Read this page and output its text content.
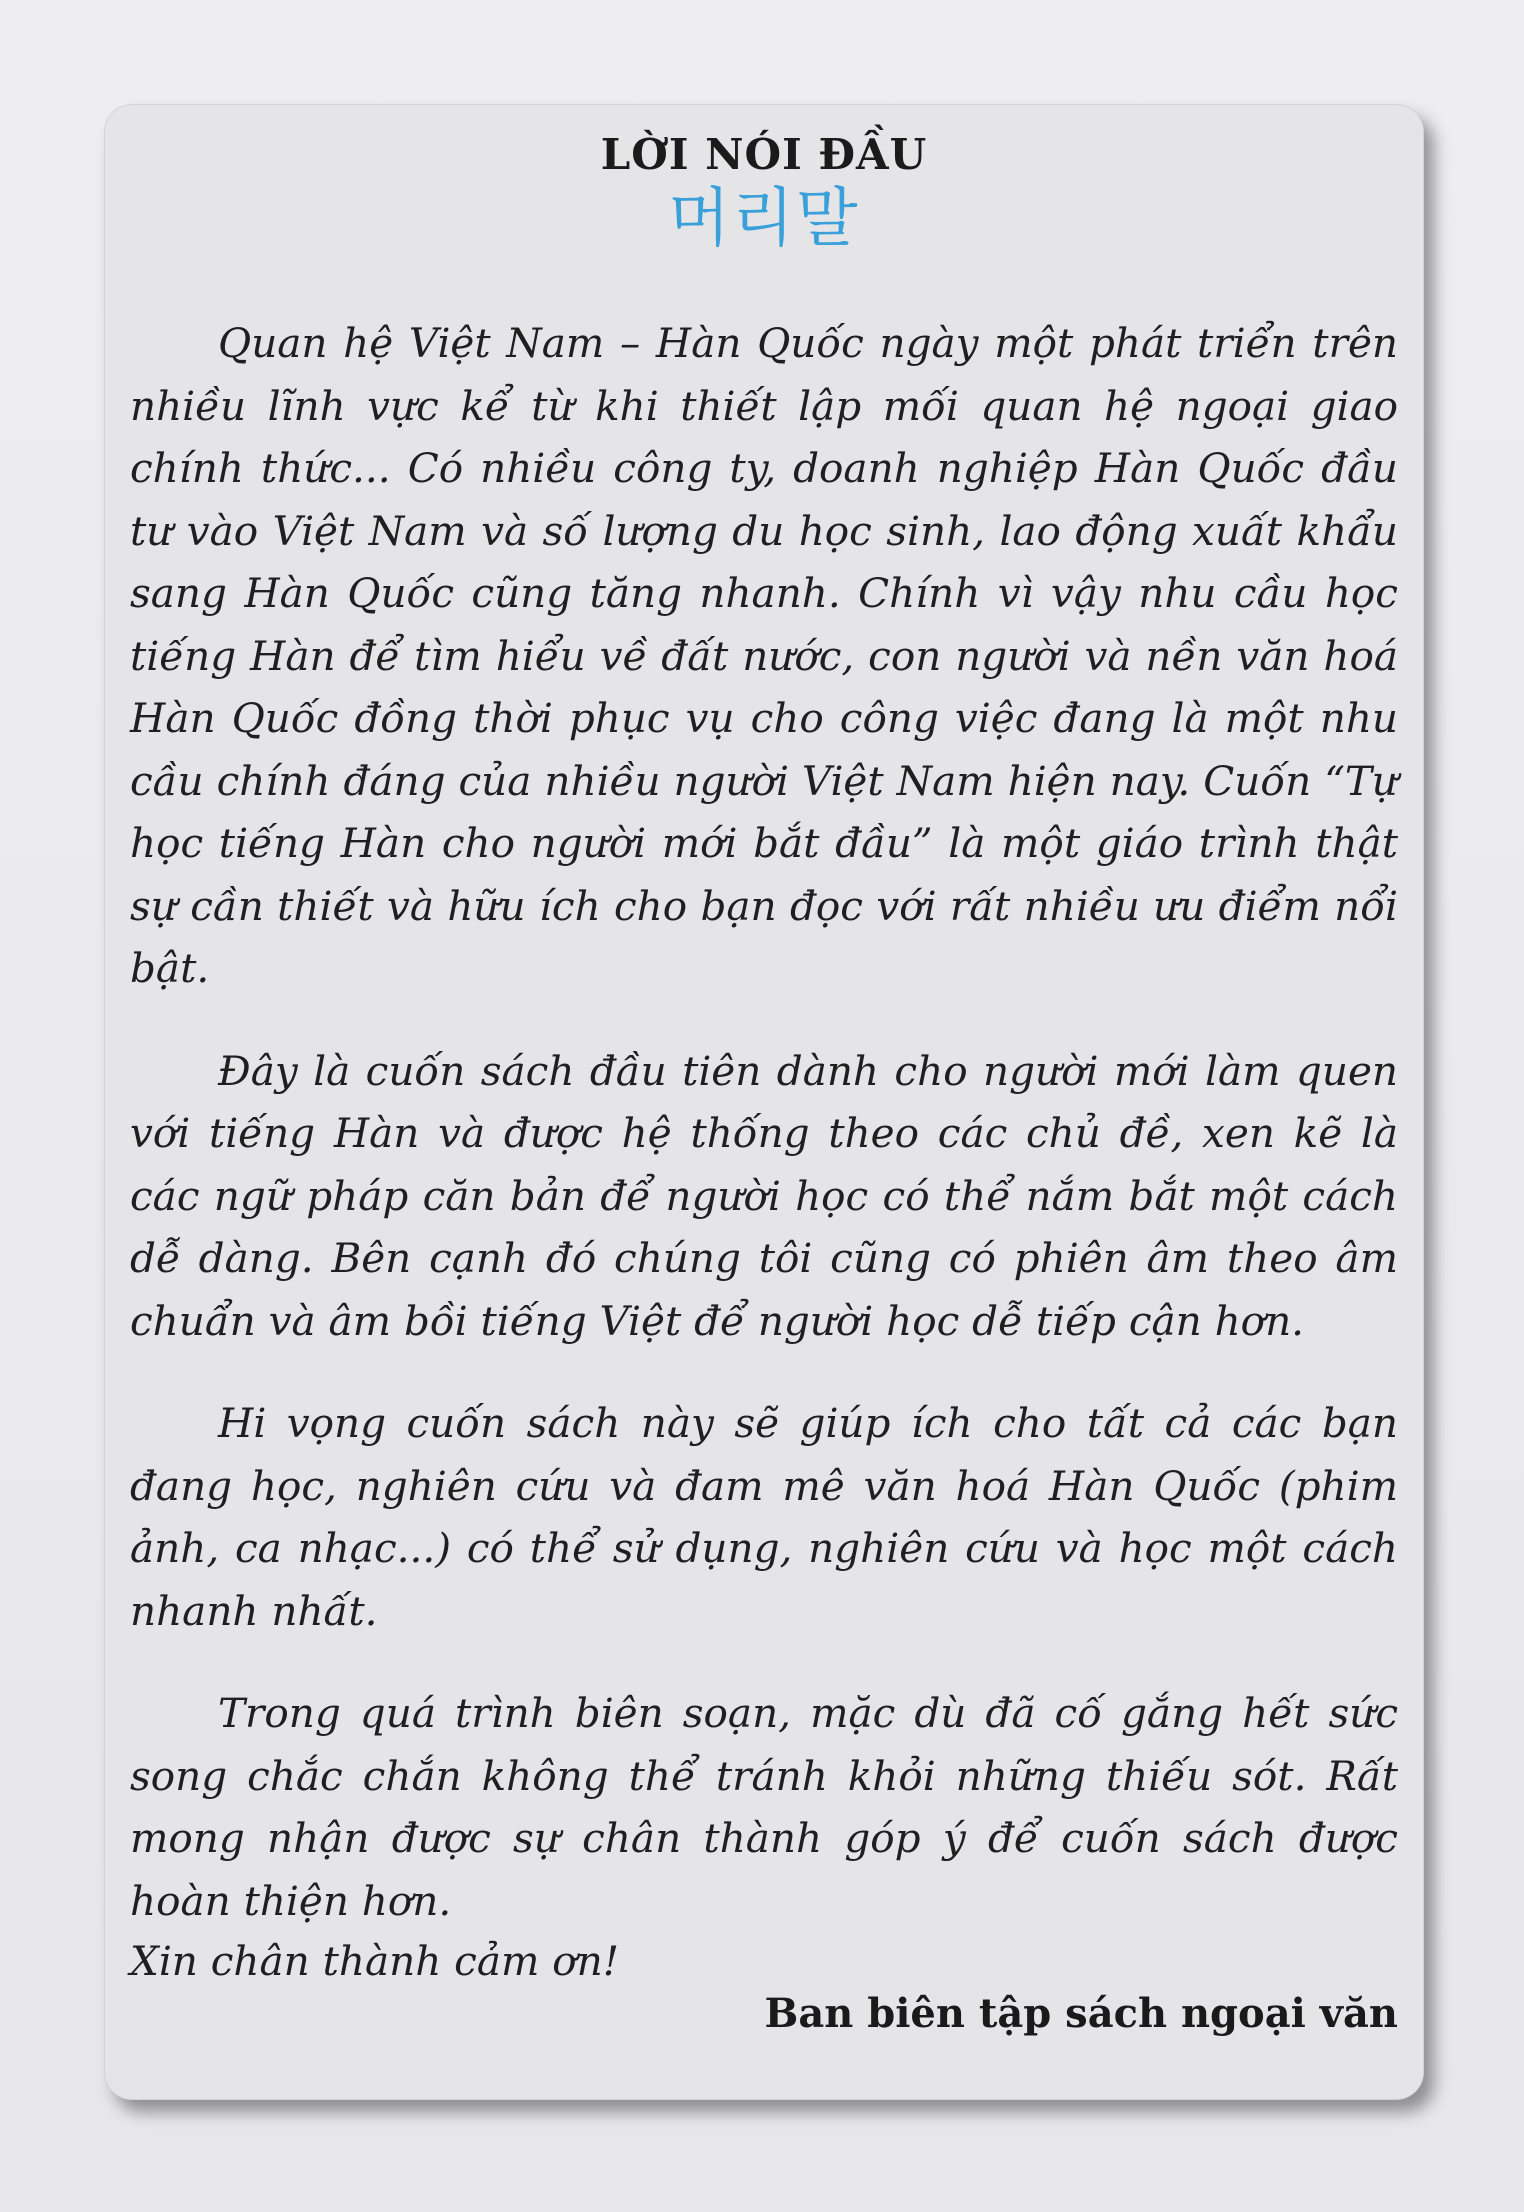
LỜI NÓI ĐẦU
머리말

Quan hệ Việt Nam – Hàn Quốc ngày một phát triển trên nhiều lĩnh vực kể từ khi thiết lập mối quan hệ ngoại giao chính thức... Có nhiều công ty, doanh nghiệp Hàn Quốc đầu tư vào Việt Nam và số lượng du học sinh, lao động xuất khẩu sang Hàn Quốc cũng tăng nhanh. Chính vì vậy nhu cầu học tiếng Hàn để tìm hiểu về đất nước, con người và nền văn hoá Hàn Quốc đồng thời phục vụ cho công việc đang là một nhu cầu chính đáng của nhiều người Việt Nam hiện nay. Cuốn “Tự học tiếng Hàn cho người mới bắt đầu” là một giáo trình thật sự cần thiết và hữu ích cho bạn đọc với rất nhiều ưu điểm nổi bật.

Đây là cuốn sách đầu tiên dành cho người mới làm quen với tiếng Hàn và được hệ thống theo các chủ đề, xen kẽ là các ngữ pháp căn bản để người học có thể nắm bắt một cách dễ dàng. Bên cạnh đó chúng tôi cũng có phiên âm theo âm chuẩn và âm bồi tiếng Việt để người học dễ tiếp cận hơn.

Hi vọng cuốn sách này sẽ giúp ích cho tất cả các bạn đang học, nghiên cứu và đam mê văn hoá Hàn Quốc (phim ảnh, ca nhạc...) có thể sử dụng, nghiên cứu và học một cách nhanh nhất.

Trong quá trình biên soạn, mặc dù đã cố gắng hết sức song chắc chắn không thể tránh khỏi những thiếu sót. Rất mong nhận được sự chân thành góp ý để cuốn sách được hoàn thiện hơn.

Xin chân thành cảm ơn!

Ban biên tập sách ngoại văn
